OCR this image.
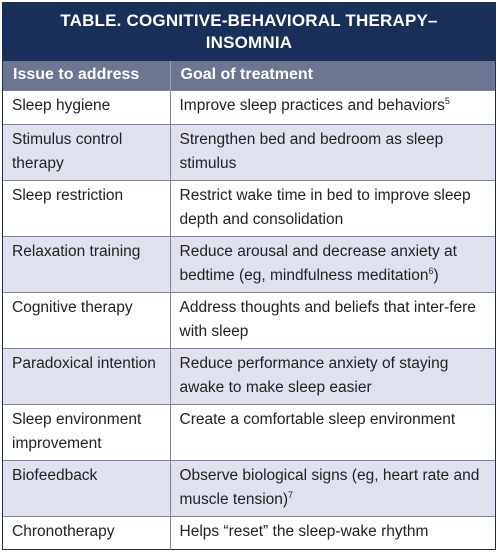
TABLE. COGNITIVE-BEHAVIORAL THERAPY–
INSOMNIA
Issue to address	Goal of treatment
Sleep hygiene	Improve sleep practices and behaviors$^5$
Stimulus control therapy	Strengthen bed and bedroom as sleep stimulus
Sleep restriction	Restrict wake time in bed to improve sleep depth and consolidation
Relaxation training	Reduce arousal and decrease anxiety at bedtime (eg, mindfulness meditation$^6$)
Cognitive therapy	Address thoughts and beliefs that inter-fere with sleep
Paradoxical intention	Reduce performance anxiety of staying awake to make sleep easier
Sleep environment improvement	Create a comfortable sleep environment
Biofeedback	Observe biological signs (eg, heart rate and muscle tension)$^7$
Chronotherapy	Helps “reset” the sleep-wake rhythm
